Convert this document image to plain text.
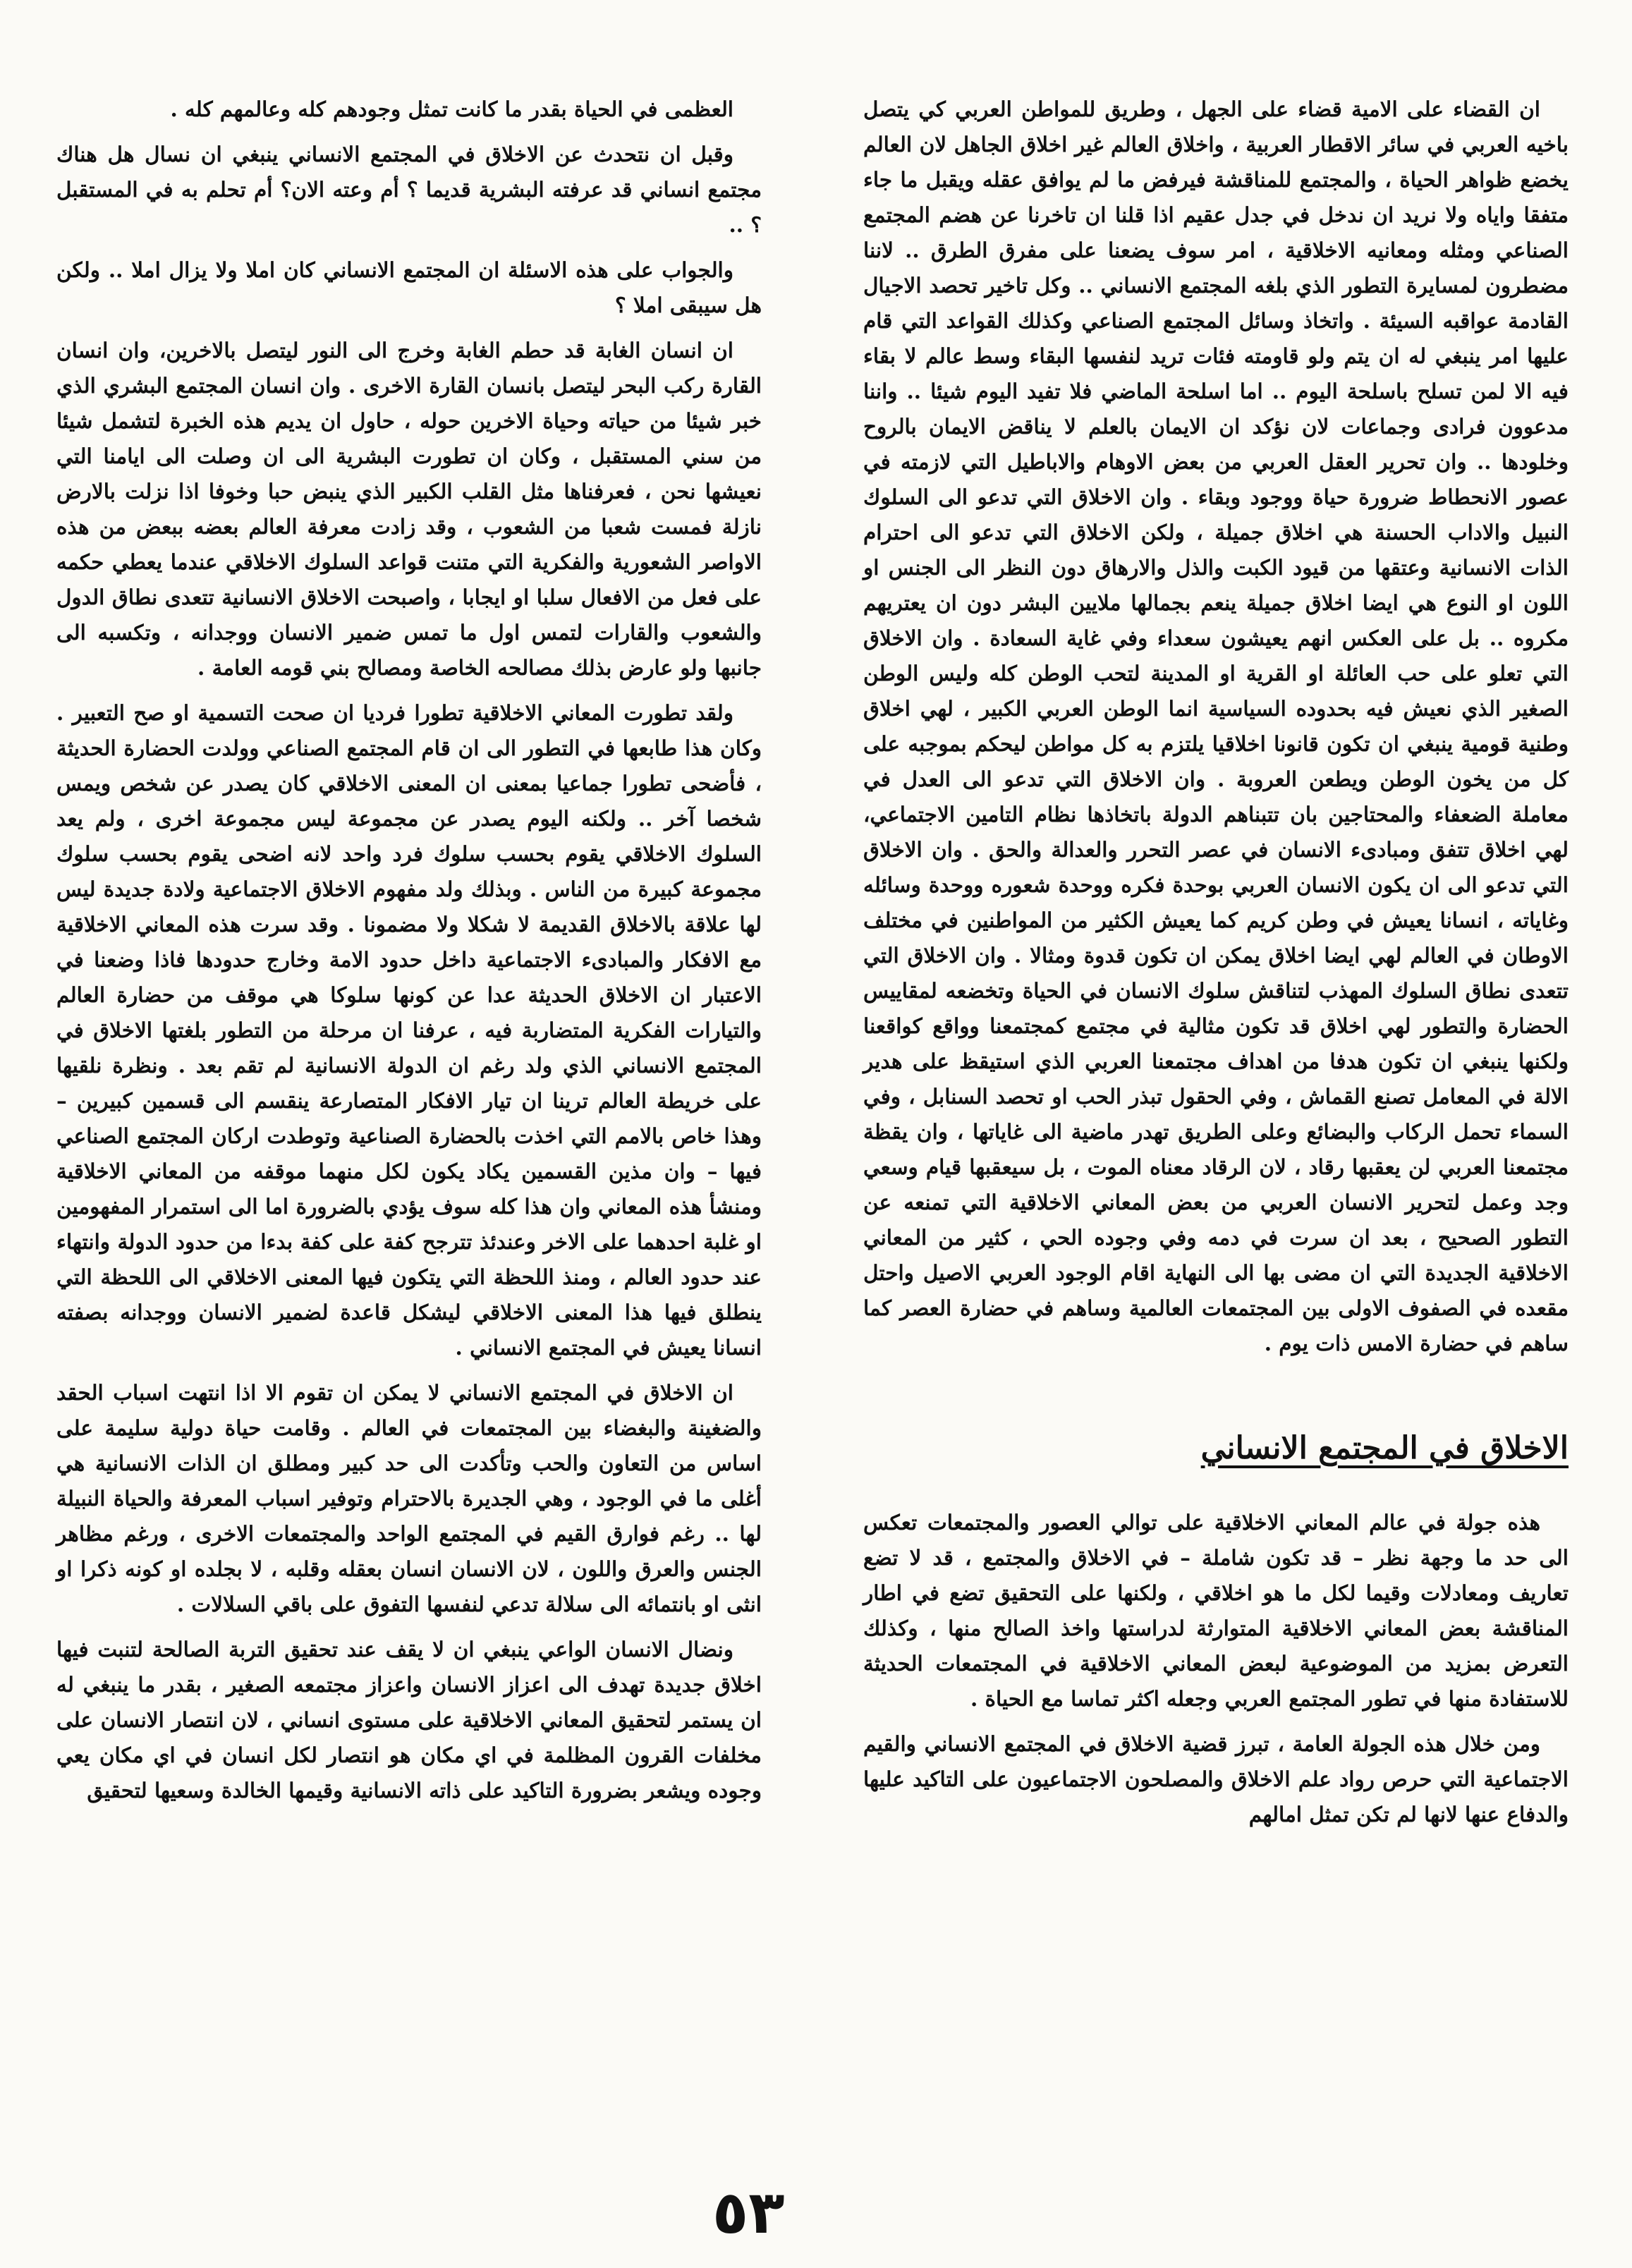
ان القضاء على الامية قضاء على الجهل ، وطريق للمواطن العربي كي يتصل باخيه العربي في سائر الاقطار العربية ، واخلاق العالم غير اخلاق الجاهل لان العالم يخضع ظواهر الحياة ، والمجتمع للمناقشة فيرفض ما لم يوافق عقله ويقبل ما جاء متفقا واياه ولا نريد ان ندخل في جدل عقيم اذا قلنا ان تاخرنا عن هضم المجتمع الصناعي ومثله ومعانيه الاخلاقية ، امر سوف يضعنا على مفرق الطرق .. لاننا مضطرون لمسايرة التطور الذي بلغه المجتمع الانساني .. وكل تاخير تحصد الاجيال القادمة عواقبه السيئة . واتخاذ وسائل المجتمع الصناعي وكذلك القواعد التي قام عليها امر ينبغي له ان يتم ولو قاومته فئات تريد لنفسها البقاء وسط عالم لا بقاء فيه الا لمن تسلح باسلحة اليوم .. اما اسلحة الماضي فلا تفيد اليوم شيئا .. واننا مدعوون فرادى وجماعات لان نؤكد ان الايمان بالعلم لا يناقض الايمان بالروح وخلودها .. وان تحرير العقل العربي من بعض الاوهام والاباطيل التي لازمته في عصور الانحطاط ضرورة حياة ووجود وبقاء . وان الاخلاق التي تدعو الى السلوك النبيل والاداب الحسنة هي اخلاق جميلة ، ولكن الاخلاق التي تدعو الى احترام الذات الانسانية وعتقها من قيود الكبت والذل والارهاق دون النظر الى الجنس او اللون او النوع هي ايضا اخلاق جميلة ينعم بجمالها ملايين البشر دون ان يعتريهم مكروه .. بل على العكس انهم يعيشون سعداء وفي غاية السعادة . وان الاخلاق التي تعلو على حب العائلة او القرية او المدينة لتحب الوطن كله وليس الوطن الصغير الذي نعيش فيه بحدوده السياسية انما الوطن العربي الكبير ، لهي اخلاق وطنية قومية ينبغي ان تكون قانونا اخلاقيا يلتزم به كل مواطن ليحكم بموجبه على كل من يخون الوطن ويطعن العروبة . وان الاخلاق التي تدعو الى العدل في معاملة الضعفاء والمحتاجين بان تتبناهم الدولة باتخاذها نظام التامين الاجتماعي، لهي اخلاق تتفق ومبادىء الانسان في عصر التحرر والعدالة والحق . وان الاخلاق التي تدعو الى ان يكون الانسان العربي بوحدة فكره ووحدة شعوره ووحدة وسائله وغاياته ، انسانا يعيش في وطن كريم كما يعيش الكثير من المواطنين في مختلف الاوطان في العالم لهي ايضا اخلاق يمكن ان تكون قدوة ومثالا . وان الاخلاق التي تتعدى نطاق السلوك المهذب لتناقش سلوك الانسان في الحياة وتخضعه لمقاييس الحضارة والتطور لهي اخلاق قد تكون مثالية في مجتمع كمجتمعنا وواقع كواقعنا ولكنها ينبغي ان تكون هدفا من اهداف مجتمعنا العربي الذي استيقظ على هدير الالة في المعامل تصنع القماش ، وفي الحقول تبذر الحب او تحصد السنابل ، وفي السماء تحمل الركاب والبضائع وعلى الطريق تهدر ماضية الى غاياتها ، وان يقظة مجتمعنا العربي لن يعقبها رقاد ، لان الرقاد معناه الموت ، بل سيعقبها قيام وسعي وجد وعمل لتحرير الانسان العربي من بعض المعاني الاخلاقية التي تمنعه عن التطور الصحيح ، بعد ان سرت في دمه وفي وجوده الحي ، كثير من المعاني الاخلاقية الجديدة التي ان مضى بها الى النهاية اقام الوجود العربي الاصيل واحتل مقعده في الصفوف الاولى بين المجتمعات العالمية وساهم في حضارة العصر كما ساهم في حضارة الامس ذات يوم .

الاخلاق في المجتمع الانساني

هذه جولة في عالم المعاني الاخلاقية على توالي العصور والمجتمعات تعكس الى حد ما وجهة نظر – قد تكون شاملة – في الاخلاق والمجتمع ، قد لا تضع تعاريف ومعادلات وقيما لكل ما هو اخلاقي ، ولكنها على التحقيق تضع في اطار المناقشة بعض المعاني الاخلاقية المتوارثة لدراستها واخذ الصالح منها ، وكذلك التعرض بمزيد من الموضوعية لبعض المعاني الاخلاقية في المجتمعات الحديثة للاستفادة منها في تطور المجتمع العربي وجعله اكثر تماسا مع الحياة .

ومن خلال هذه الجولة العامة ، تبرز قضية الاخلاق في المجتمع الانساني والقيم الاجتماعية التي حرص رواد علم الاخلاق والمصلحون الاجتماعيون على التاكيد عليها والدفاع عنها لانها لم تكن تمثل امالهم

العظمى في الحياة بقدر ما كانت تمثل وجودهم كله وعالمهم كله .

وقبل ان نتحدث عن الاخلاق في المجتمع الانساني ينبغي ان نسال هل هناك مجتمع انساني قد عرفته البشرية قديما ؟ أم وعته الان؟ أم تحلم به في المستقبل ؟ ..

والجواب على هذه الاسئلة ان المجتمع الانساني كان املا ولا يزال املا .. ولكن هل سيبقى املا ؟

ان انسان الغابة قد حطم الغابة وخرج الى النور ليتصل بالاخرين، وان انسان القارة ركب البحر ليتصل بانسان القارة الاخرى . وان انسان المجتمع البشري الذي خبر شيئا من حياته وحياة الاخرين حوله ، حاول ان يديم هذه الخبرة لتشمل شيئا من سني المستقبل ، وكان ان تطورت البشرية الى ان وصلت الى ايامنا التي نعيشها نحن ، فعرفناها مثل القلب الكبير الذي ينبض حبا وخوفا اذا نزلت بالارض نازلة فمست شعبا من الشعوب ، وقد زادت معرفة العالم بعضه ببعض من هذه الاواصر الشعورية والفكرية التي متنت قواعد السلوك الاخلاقي عندما يعطي حكمه على فعل من الافعال سلبا او ايجابا ، واصبحت الاخلاق الانسانية تتعدى نطاق الدول والشعوب والقارات لتمس اول ما تمس ضمير الانسان ووجدانه ، وتكسبه الى جانبها ولو عارض بذلك مصالحه الخاصة ومصالح بني قومه العامة .

ولقد تطورت المعاني الاخلاقية تطورا فرديا ان صحت التسمية او صح التعبير . وكان هذا طابعها في التطور الى ان قام المجتمع الصناعي وولدت الحضارة الحديثة ، فأضحى تطورا جماعيا بمعنى ان المعنى الاخلاقي كان يصدر عن شخص ويمس شخصا آخر .. ولكنه اليوم يصدر عن مجموعة ليس مجموعة اخرى ، ولم يعد السلوك الاخلاقي يقوم بحسب سلوك فرد واحد لانه اضحى يقوم بحسب سلوك مجموعة كبيرة من الناس . وبذلك ولد مفهوم الاخلاق الاجتماعية ولادة جديدة ليس لها علاقة بالاخلاق القديمة لا شكلا ولا مضمونا . وقد سرت هذه المعاني الاخلاقية مع الافكار والمبادىء الاجتماعية داخل حدود الامة وخارج حدودها فاذا وضعنا في الاعتبار ان الاخلاق الحديثة عدا عن كونها سلوكا هي موقف من حضارة العالم والتيارات الفكرية المتضاربة فيه ، عرفنا ان مرحلة من التطور بلغتها الاخلاق في المجتمع الانساني الذي ولد رغم ان الدولة الانسانية لم تقم بعد . ونظرة نلقيها على خريطة العالم ترينا ان تيار الافكار المتصارعة ينقسم الى قسمين كبيرين – وهذا خاص بالامم التي اخذت بالحضارة الصناعية وتوطدت اركان المجتمع الصناعي فيها – وان مذين القسمين يكاد يكون لكل منهما موقفه من المعاني الاخلاقية ومنشأ هذه المعاني وان هذا كله سوف يؤدي بالضرورة اما الى استمرار المفهومين او غلبة احدهما على الاخر وعندئذ تترجح كفة على كفة بدءا من حدود الدولة وانتهاء عند حدود العالم ، ومنذ اللحظة التي يتكون فيها المعنى الاخلاقي الى اللحظة التي ينطلق فيها هذا المعنى الاخلاقي ليشكل قاعدة لضمير الانسان ووجدانه بصفته انسانا يعيش في المجتمع الانساني .

ان الاخلاق في المجتمع الانساني لا يمكن ان تقوم الا اذا انتهت اسباب الحقد والضغينة والبغضاء بين المجتمعات في العالم . وقامت حياة دولية سليمة على اساس من التعاون والحب وتأكدت الى حد كبير ومطلق ان الذات الانسانية هي أغلى ما في الوجود ، وهي الجديرة بالاحترام وتوفير اسباب المعرفة والحياة النبيلة لها .. رغم فوارق القيم في المجتمع الواحد والمجتمعات الاخرى ، ورغم مظاهر الجنس والعرق واللون ، لان الانسان انسان بعقله وقلبه ، لا بجلده او كونه ذكرا او انثى او بانتمائه الى سلالة تدعي لنفسها التفوق على باقي السلالات .

ونضال الانسان الواعي ينبغي ان لا يقف عند تحقيق التربة الصالحة لتنبت فيها اخلاق جديدة تهدف الى اعزاز الانسان واعزاز مجتمعه الصغير ، بقدر ما ينبغي له ان يستمر لتحقيق المعاني الاخلاقية على مستوى انساني ، لان انتصار الانسان على مخلفات القرون المظلمة في اي مكان هو انتصار لكل انسان في اي مكان يعي وجوده ويشعر بضرورة التاكيد على ذاته الانسانية وقيمها الخالدة وسعيها لتحقيق

٥٣
